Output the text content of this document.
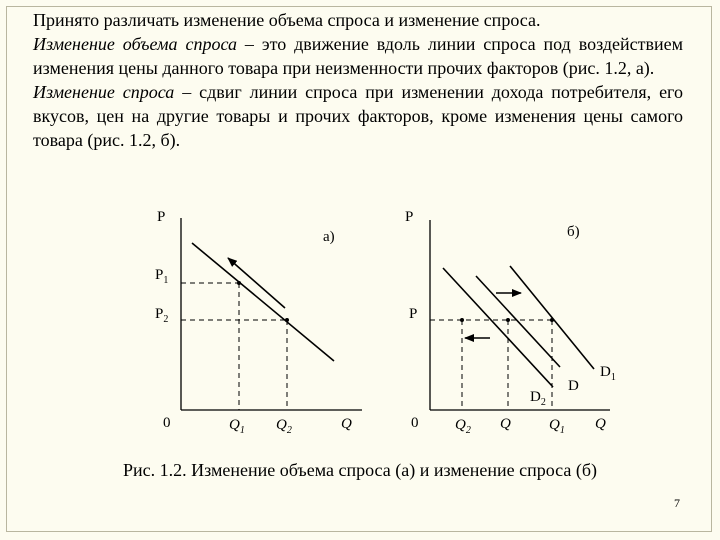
Принято различать изменение объема спроса и изменение спроса.

Изменение объема спроса – это движение вдоль линии спроса под воздействием изменения цены данного товара при неизменности прочих факторов (рис. 1.2, а).

Изменение спроса – сдвиг линии спроса при изменении дохода потребителя, его вкусов, цен на другие товары и прочих факторов, кроме изменения цены самого товара (рис. 1.2, б).

P
а)
$P_1$
$P_2$
0	$Q_1$ $Q_2$	Q
P
б)
P
0 $Q_2$ Q	$Q_1$ Q
D
$D_1$
$D_2$
Рис. 1.2. Изменение объема спроса (а) и изменение спроса (б)
7
